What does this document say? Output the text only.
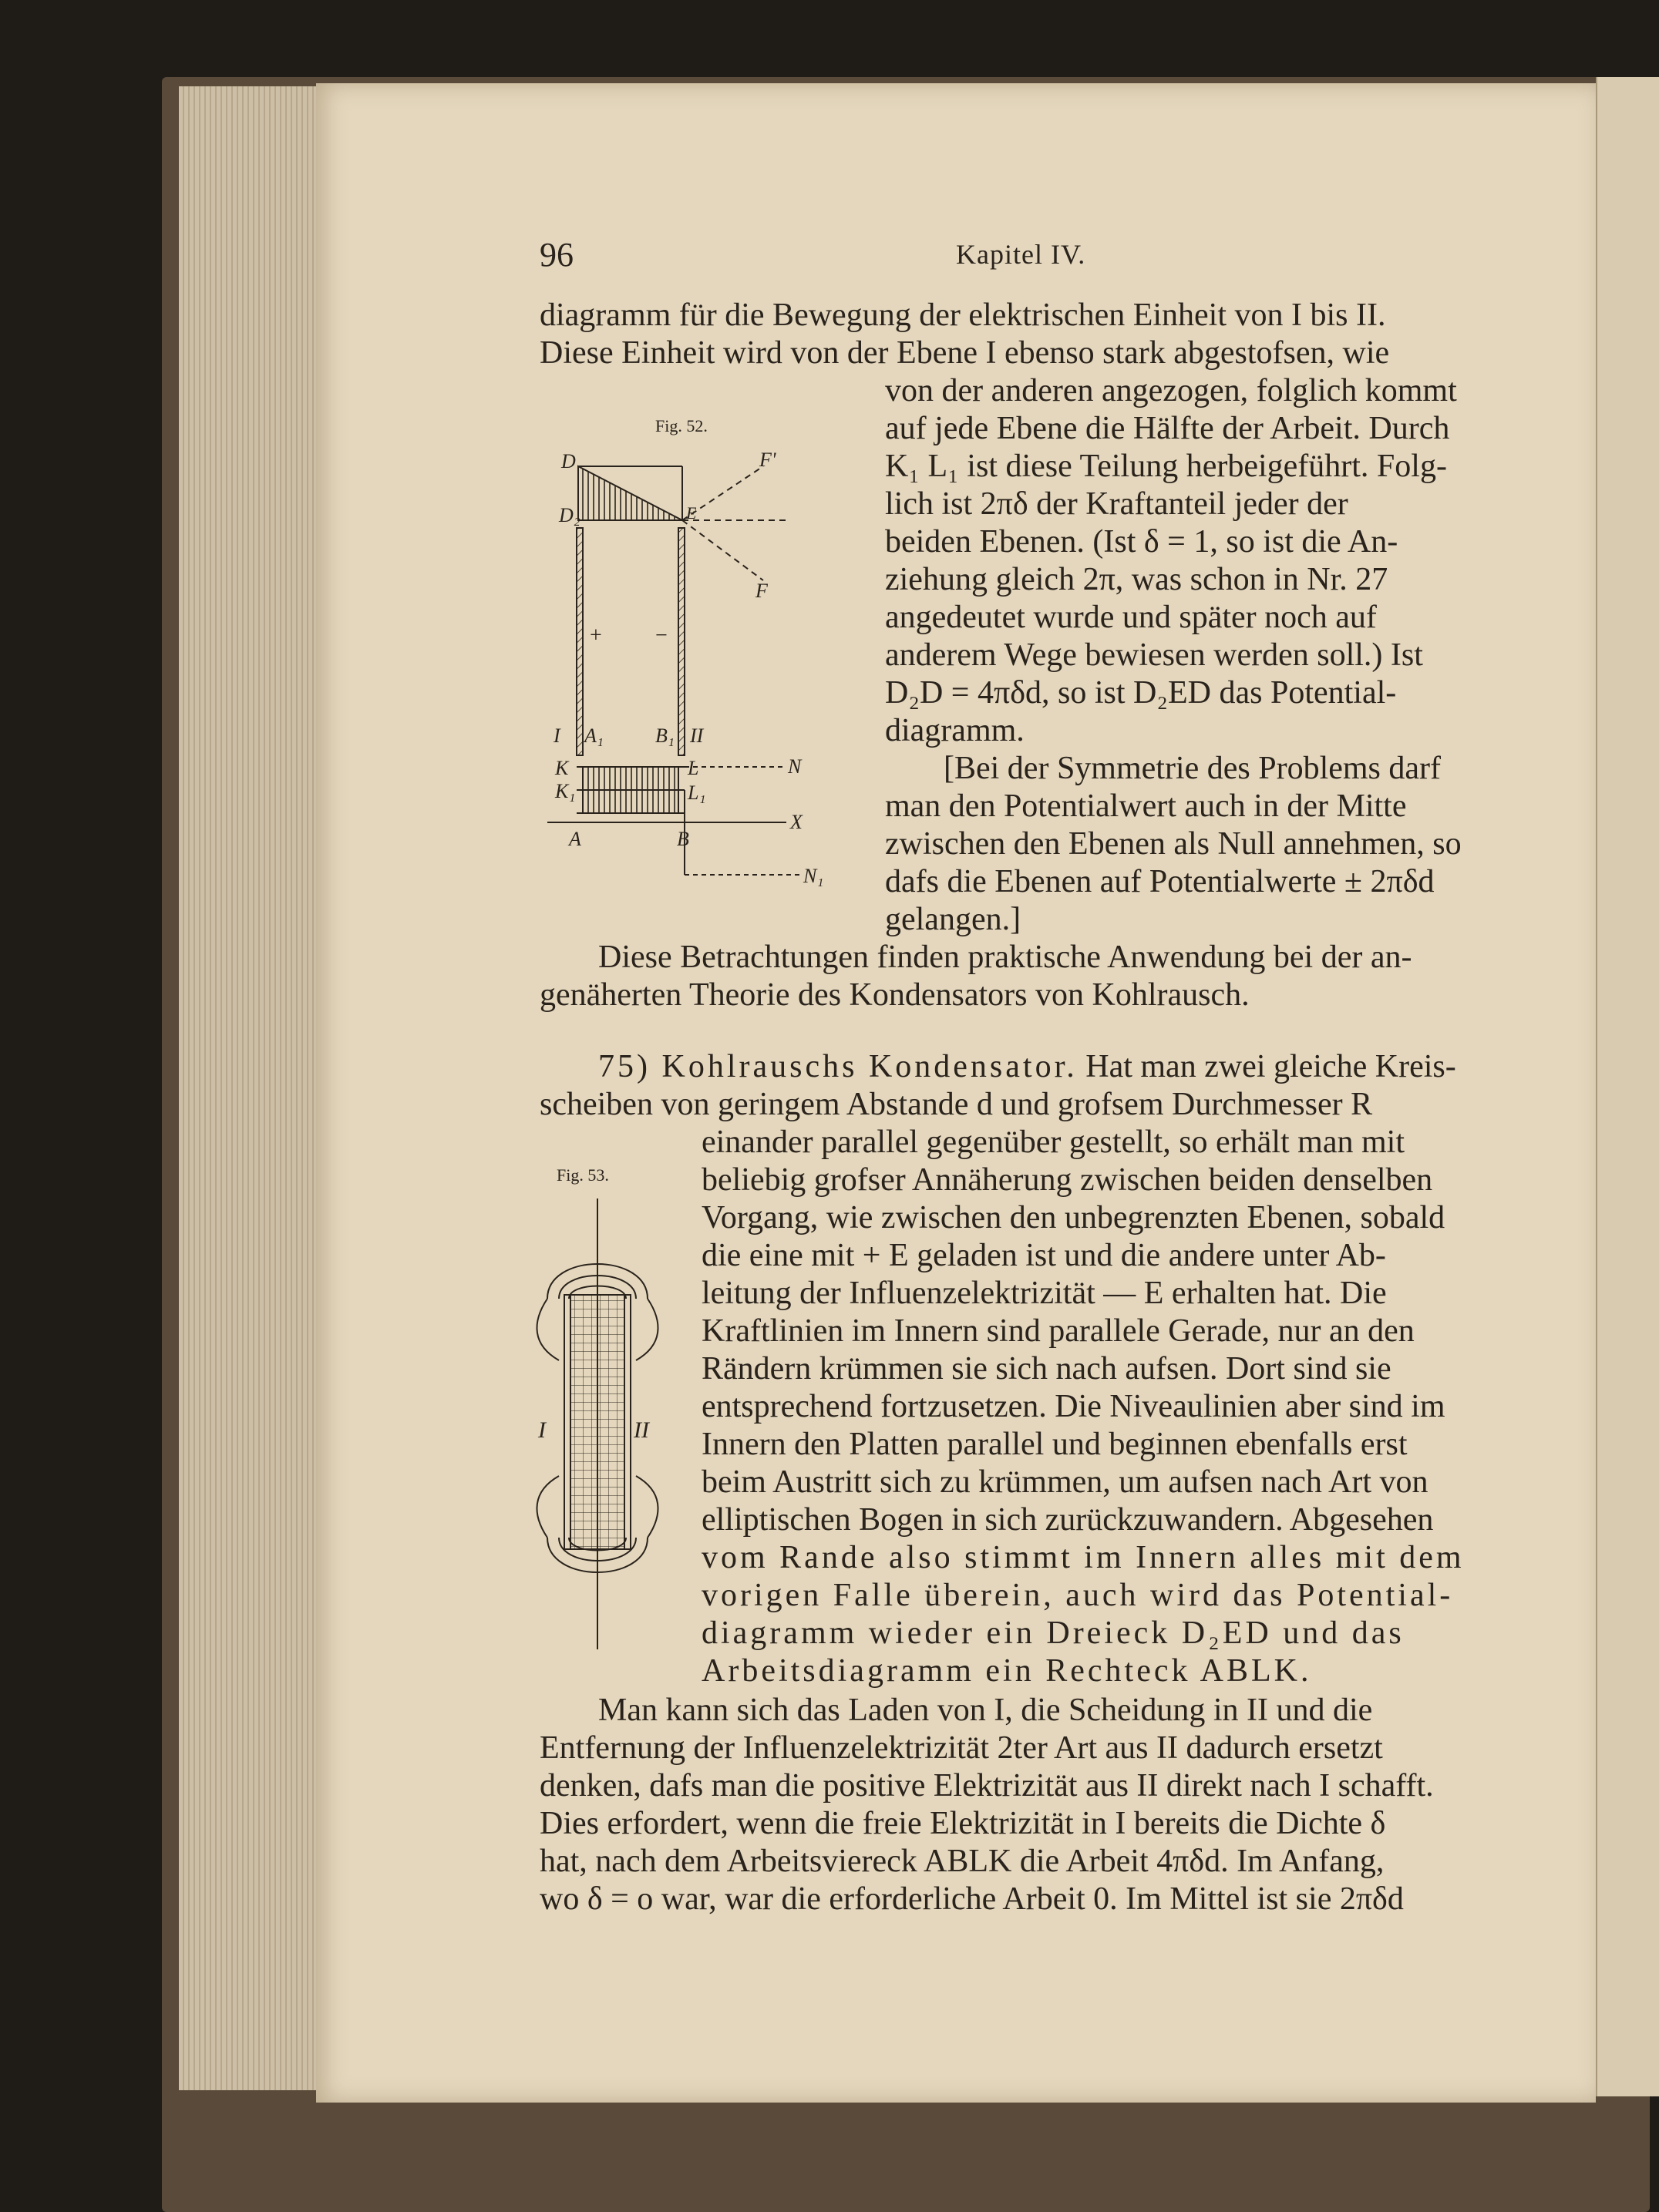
96	Kapitel IV.

diagramm für die Bewegung der elektrischen Einheit von I bis II.

Diese Einheit wird von der Ebene I ebenso stark abgestofsen, wie

von der anderen angezogen, folglich kommt

auf jede Ebene die Hälfte der Arbeit. Durch

K₁ L₁ ist diese Teilung herbeigeführt. Folg-

lich ist 2πδ der Kraftanteil jeder der

beiden Ebenen. (Ist δ = 1, so ist die An-

ziehung gleich 2π, was schon in Nr. 27

angedeutet wurde und später noch auf

anderem Wege bewiesen werden soll.) Ist

D₂D = 4πδd, so ist D₂ED das Potential-

diagramm.

[Bei der Symmetrie des Problems darf

man den Potentialwert auch in der Mitte

zwischen den Ebenen als Null annehmen, so

dafs die Ebenen auf Potentialwerte ± 2πδd

gelangen.]

Diese Betrachtungen finden praktische Anwendung bei der an-

genäherten Theorie des Kondensators von Kohlrausch.

75) Kohlrauschs Kondensator. Hat man zwei gleiche Kreis-

scheiben von geringem Abstande d und grofsem Durchmesser R

einander parallel gegenüber gestellt, so erhält man mit

beliebig grofser Annäherung zwischen beiden denselben

Vorgang, wie zwischen den unbegrenzten Ebenen, sobald

die eine mit + E geladen ist und die andere unter Ab-

leitung der Influenzelektrizität — E erhalten hat. Die

Kraftlinien im Innern sind parallele Gerade, nur an den

Rändern krümmen sie sich nach aufsen. Dort sind sie

entsprechend fortzusetzen. Die Niveaulinien aber sind im

Innern den Platten parallel und beginnen ebenfalls erst

beim Austritt sich zu krümmen, um aufsen nach Art von

elliptischen Bogen in sich zurückzuwandern. Abgesehen

vom Rande also stimmt im Innern alles mit dem

vorigen Falle überein, auch wird das Potential-

diagramm wieder ein Dreieck D₂ED und das

Arbeitsdiagramm ein Rechteck ABLK.

Man kann sich das Laden von I, die Scheidung in II und die

Entfernung der Influenzelektrizität 2ter Art aus II dadurch ersetzt

denken, dafs man die positive Elektrizität aus II direkt nach I schafft.

Dies erfordert, wenn die freie Elektrizität in I bereits die Dichte δ

hat, nach dem Arbeitsviereck ABLK die Arbeit 4πδd. Im Anfang,

wo δ = o war, war die erforderliche Arbeit 0. Im Mittel ist sie 2πδd

Fig. 52.
D
D₂	E
F'
F
+ −
I A₁	B₁ II
K
K₁
L
L₁
N
X
A	B
N₁
Fig. 53.
I	II
